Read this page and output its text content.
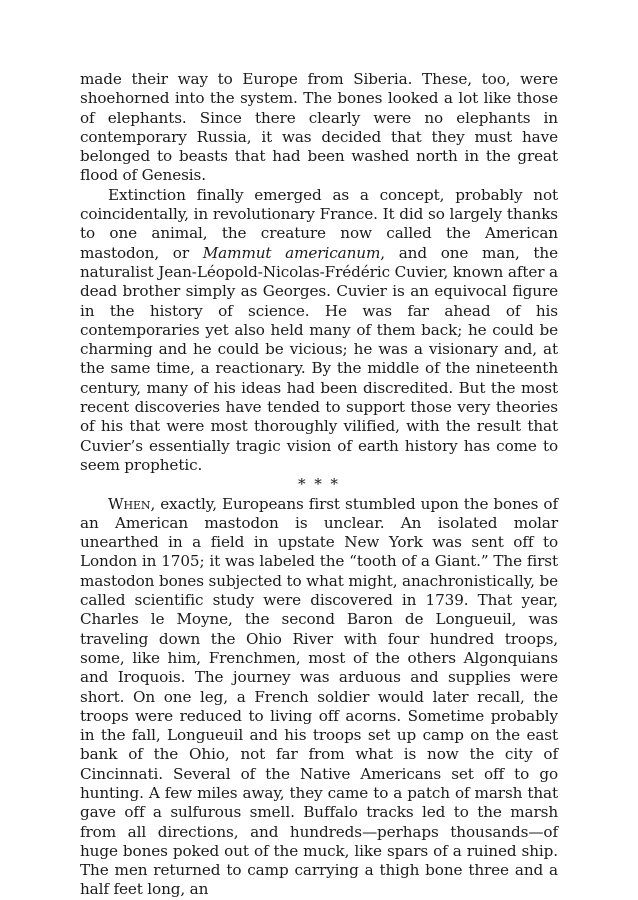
made their way to Europe from Siberia. These, too, were shoehorned into the system. The bones looked a lot like those of elephants. Since there clearly were no elephants in contemporary Russia, it was decided that they must have belonged to beasts that had been washed north in the great flood of Genesis.

Extinction finally emerged as a concept, probably not coincidentally, in revolutionary France. It did so largely thanks to one animal, the creature now called the American mastodon, or Mammut americanum, and one man, the naturalist Jean-Léopold-Nicolas-Frédéric Cuvier, known after a dead brother simply as Georges. Cuvier is an equivocal figure in the history of science. He was far ahead of his contemporaries yet also held many of them back; he could be charming and he could be vicious; he was a visionary and, at the same time, a reactionary. By the middle of the nineteenth century, many of his ideas had been discredited. But the most recent discoveries have tended to support those very theories of his that were most thoroughly vilified, with the result that Cuvier’s essentially tragic vision of earth history has come to seem prophetic.

* * *

When, exactly, Europeans first stumbled upon the bones of an American mastodon is unclear. An isolated molar unearthed in a field in upstate New York was sent off to London in 1705; it was labeled the “tooth of a Giant.” The first mastodon bones subjected to what might, anachronistically, be called scientific study were discovered in 1739. That year, Charles le Moyne, the second Baron de Longueuil, was traveling down the Ohio River with four hundred troops, some, like him, Frenchmen, most of the others Algonquians and Iroquois. The journey was arduous and supplies were short. On one leg, a French soldier would later recall, the troops were reduced to living off acorns. Sometime probably in the fall, Longueuil and his troops set up camp on the east bank of the Ohio, not far from what is now the city of Cincinnati. Several of the Native Americans set off to go hunting. A few miles away, they came to a patch of marsh that gave off a sulfurous smell. Buffalo tracks led to the marsh from all directions, and hundreds—perhaps thousands—of huge bones poked out of the muck, like spars of a ruined ship. The men returned to camp carrying a thigh bone three and a half feet long, an
